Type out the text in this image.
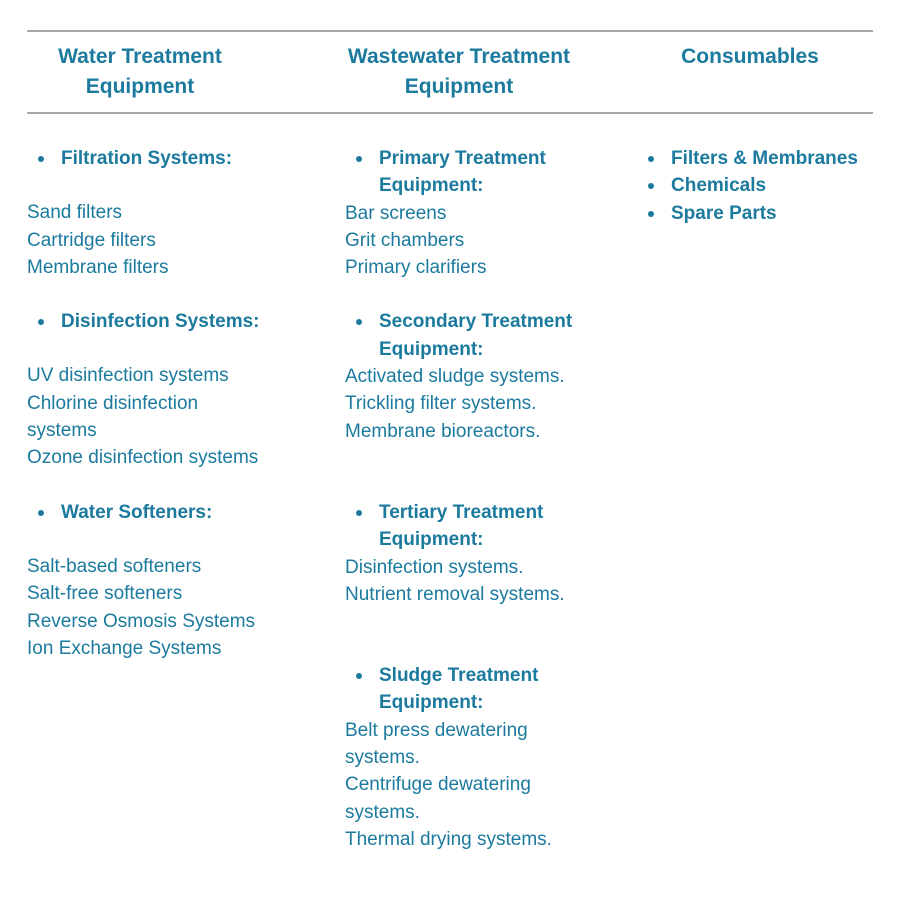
Water Treatment
Equipment
Wastewater Treatment
Equipment
Consumables

Filtration Systems:

Sand filters
Cartridge filters
Membrane filters

Disinfection Systems:

UV disinfection systems
Chlorine disinfection
systems
Ozone disinfection systems

Water Softeners:

Salt-based softeners
Salt-free softeners
Reverse Osmosis Systems
Ion Exchange Systems

Primary Treatment
Equipment:

Bar screens
Grit chambers
Primary clarifiers

Secondary Treatment
Equipment:

Activated sludge systems.
Trickling filter systems.
Membrane bioreactors.

Tertiary Treatment
Equipment:

Disinfection systems.
Nutrient removal systems.

Sludge Treatment
Equipment:

Belt press dewatering
systems.
Centrifuge dewatering
systems.
Thermal drying systems.
Filters & Membranes
Chemicals
Spare Parts
